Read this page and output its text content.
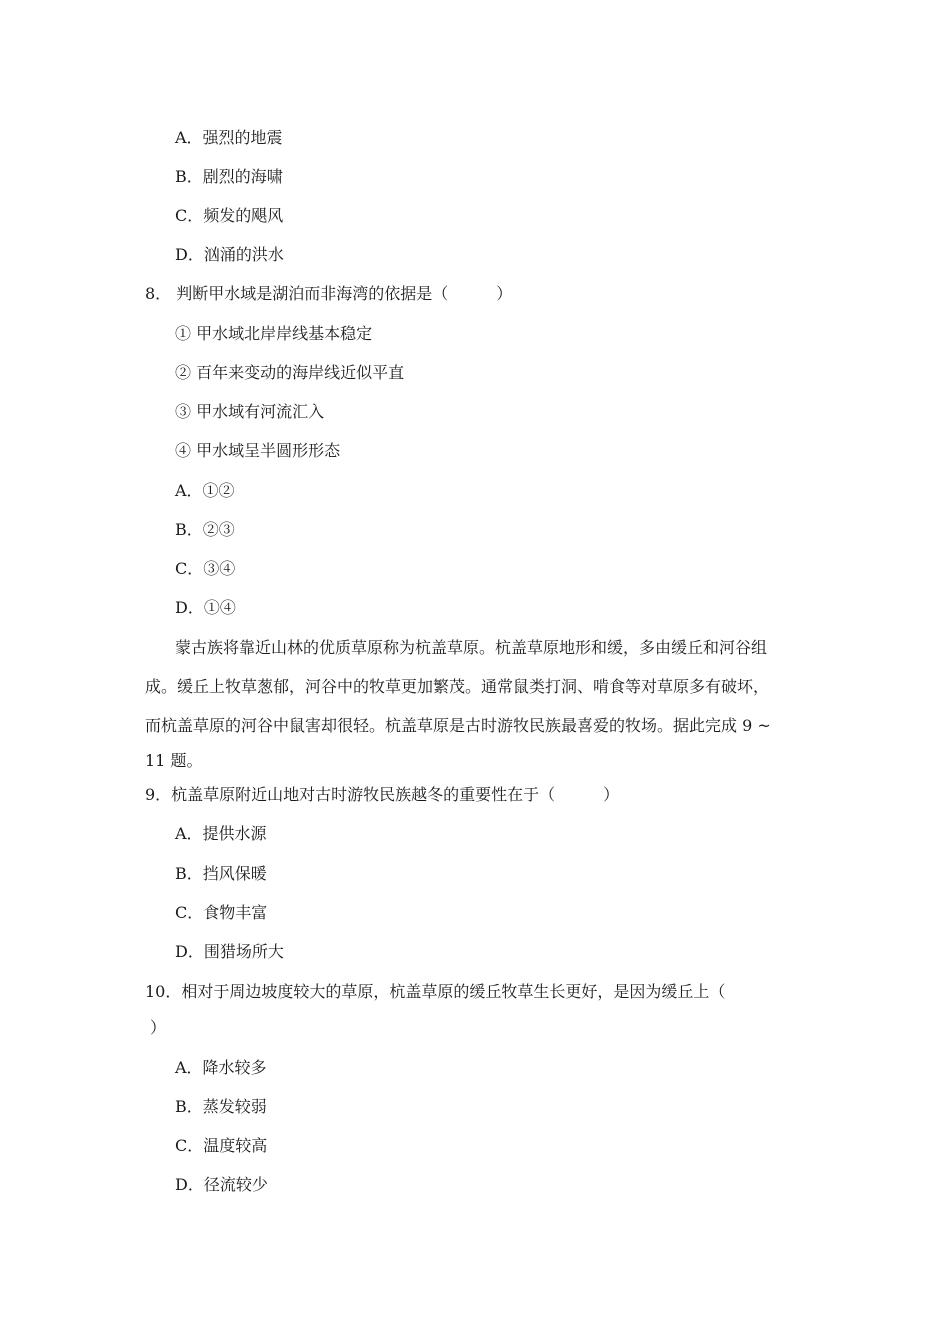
A．强烈的地震
B．剧烈的海啸
C．频发的飓风
D．汹涌的洪水
8． 判断甲水域是湖泊而非海湾的依据是（　　　）
① 甲水域北岸岸线基本稳定
② 百年来变动的海岸线近似平直
③ 甲水域有河流汇入
④ 甲水域呈半圆形形态
A．①②
B．②③
C．③④
D．①④
蒙古族将靠近山林的优质草原称为杭盖草原。杭盖草原地形和缓，多由缓丘和河谷组
成。缓丘上牧草葱郁，河谷中的牧草更加繁茂。通常鼠类打洞、啃食等对草原多有破坏，
而杭盖草原的河谷中鼠害却很轻。杭盖草原是古时游牧民族最喜爱的牧场。据此完成 9 ~
11 题。
9．杭盖草原附近山地对古时游牧民族越冬的重要性在于（　　　）
A．提供水源
B．挡风保暖
C．食物丰富
D．围猎场所大
10．相对于周边坡度较大的草原，杭盖草原的缓丘牧草生长更好，是因为缓丘上（
）
A．降水较多
B．蒸发较弱
C．温度较高
D．径流较少
